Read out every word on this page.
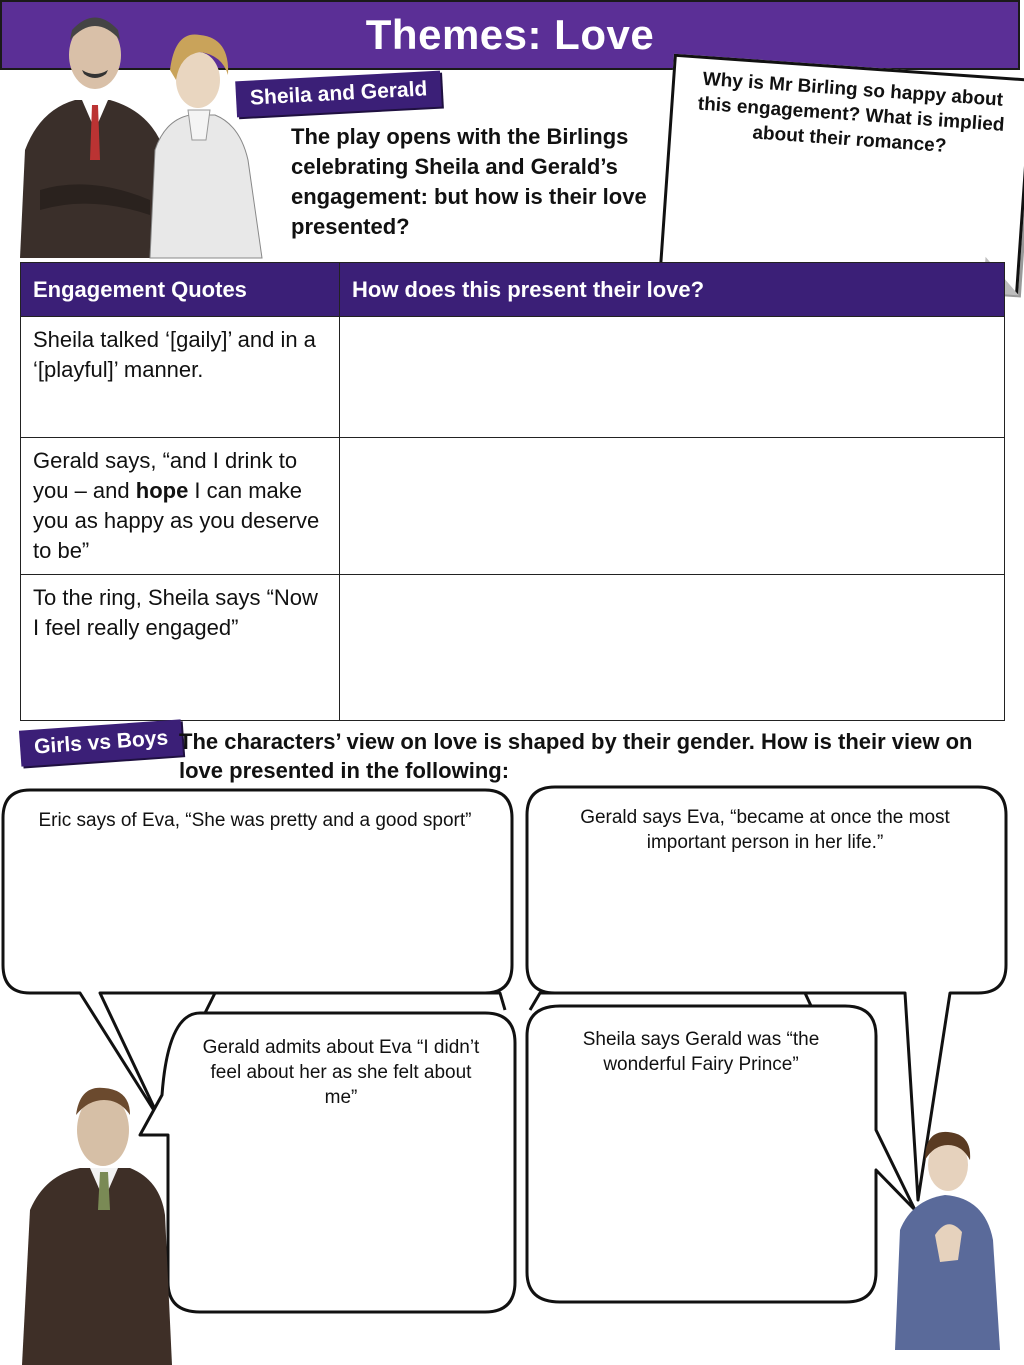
Themes: Love
Sheila and Gerald
The play opens with the Birlings celebrating Sheila and Gerald’s engagement: but how is their love presented?
Why is Mr Birling so happy about this engagement? What is implied about their romance?
Engagement Quotes	How does this present their love?
Sheila talked ‘[gaily]’ and in a ‘[playful]’ manner.	
Gerald says, “and I drink to you – and hope I can make you as happy as you deserve to be”	
To the ring, Sheila says “Now I feel really engaged”	
Girls vs Boys The characters’ view on love is shaped by their gender. How is their view on love presented in the following:
Eric says of Eva, “She was pretty and a good sport”	Gerald says Eva, “became at once the most important person in her life.”
Gerald admits about Eva “I didn’t feel about her as she felt about me”
Sheila says Gerald was “the wonderful Fairy Prince”
